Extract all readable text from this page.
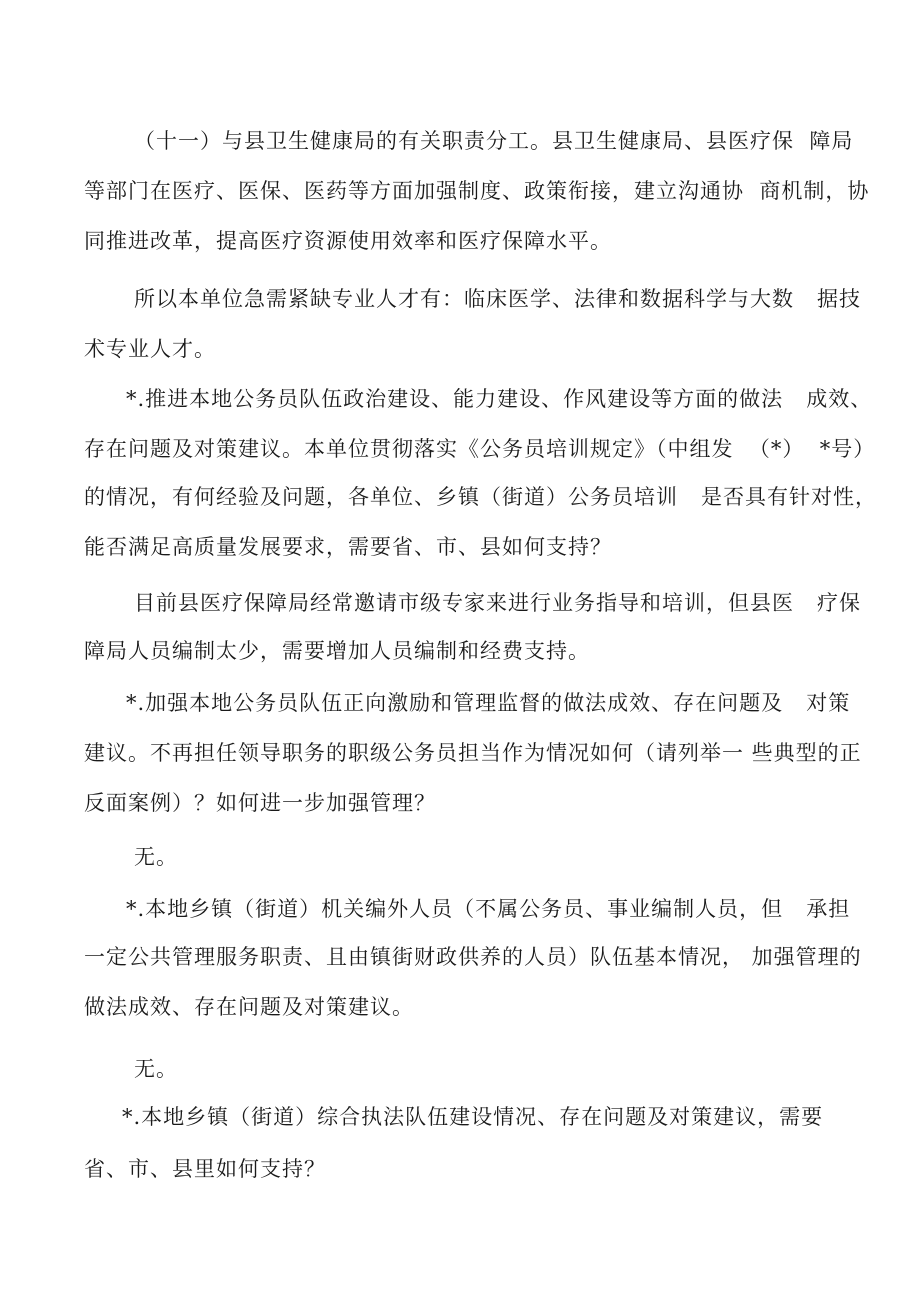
（十一）与县卫生健康局的有关职责分工。县卫生健康局、县医疗保  障局
等部门在医疗、医保、医药等方面加强制度、政策衔接，建立沟通协  商机制，协
同推进改革，提高医疗资源使用效率和医疗保障水平。
所以本单位急需紧缺专业人才有：临床医学、法律和数据科学与大数   据技
术专业人才。
*.推进本地公务员队伍政治建设、能力建设、作风建设等方面的做法   成效、
存在问题及对策建议。本单位贯彻落实《公务员培训规定》（中组发  （*）  *号）
的情况，有何经验及问题，各单位、乡镇（街道）公务员培训   是否具有针对性，
能否满足高质量发展要求，需要省、市、县如何支持？
目前县医疗保障局经常邀请市级专家来进行业务指导和培训，但县医   疗保
障局人员编制太少，需要增加人员编制和经费支持。
*.加强本地公务员队伍正向激励和管理监督的做法成效、存在问题及   对策
建议。不再担任领导职务的职级公务员担当作为情况如何（请列举一 些典型的正
反面案例）？如何进一步加强管理？
无。
*.本地乡镇（街道）机关编外人员（不属公务员、事业编制人员，但   承担
一定公共管理服务职责、且由镇街财政供养的人员）队伍基本情况， 加强管理的
做法成效、存在问题及对策建议。
无。
*.本地乡镇（街道）综合执法队伍建设情况、存在问题及对策建议，需要
省、市、县里如何支持？
